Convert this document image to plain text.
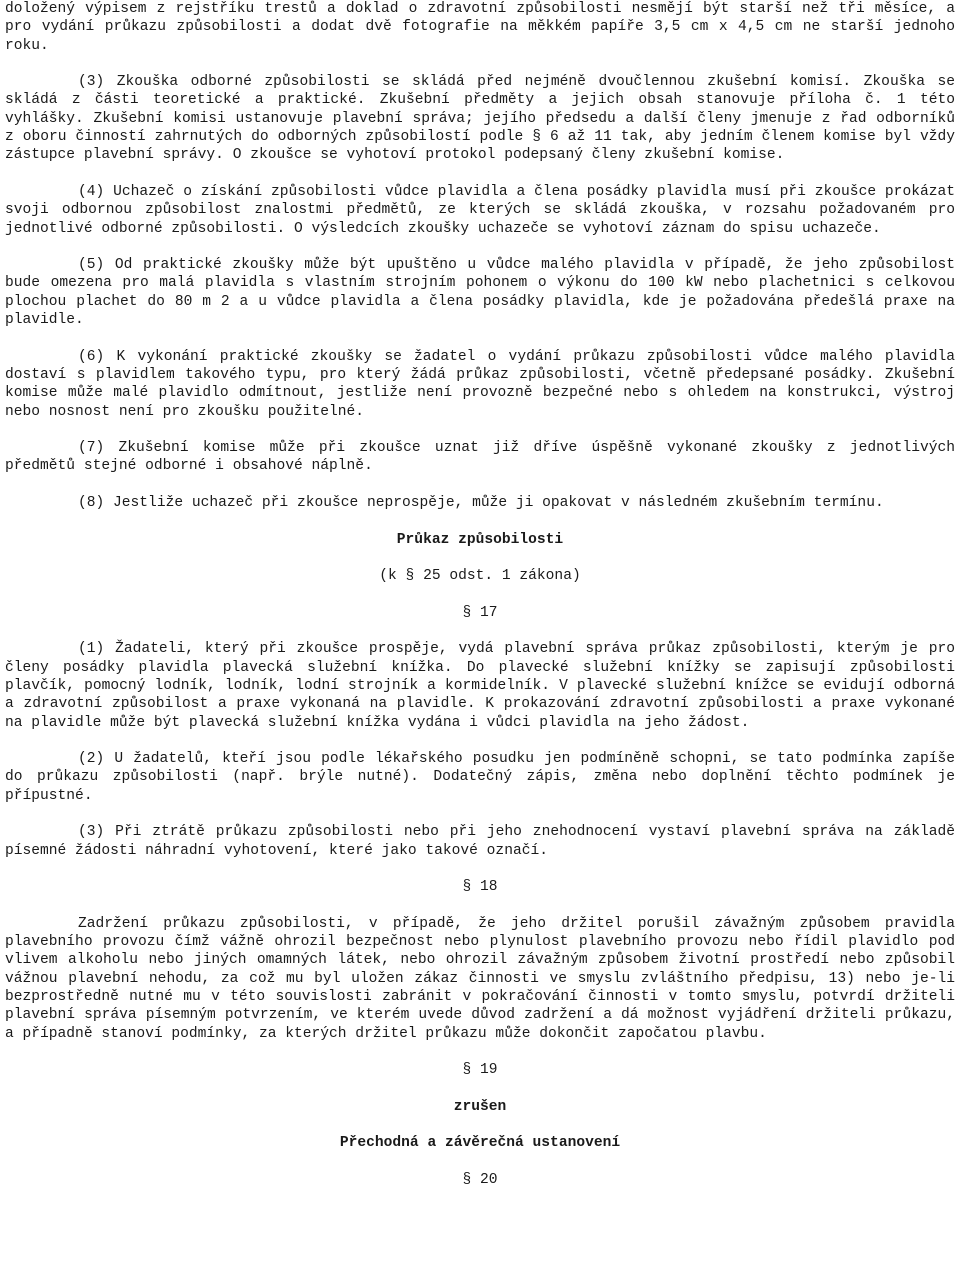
doložený výpisem z rejstříku trestů a doklad o zdravotní způsobilosti nesmějí být starší než tři měsíce, a pro vydání průkazu způsobilosti a dodat dvě fotografie na měkkém papíře 3,5 cm x 4,5 cm ne starší jednoho roku.

(3) Zkouška odborné způsobilosti se skládá před nejméně dvoučlennou zkušební komisí. Zkouška se skládá z části teoretické a praktické. Zkušební předměty a jejich obsah stanovuje příloha č. 1 této vyhlášky. Zkušební komisi ustanovuje plavební správa; jejího předsedu a další členy jmenuje z řad odborníků z oboru činností zahrnutých do odborných způsobilostí podle § 6 až 11 tak, aby jedním členem komise byl vždy zástupce plavební správy. O zkoušce se vyhotoví protokol podepsaný členy zkušební komise.

(4) Uchazeč o získání způsobilosti vůdce plavidla a člena posádky plavidla musí při zkoušce prokázat svoji odbornou způsobilost znalostmi předmětů, ze kterých se skládá zkouška, v rozsahu požadovaném pro jednotlivé odborné způsobilosti. O výsledcích zkoušky uchazeče se vyhotoví záznam do spisu uchazeče.

(5) Od praktické zkoušky může být upuštěno u vůdce malého plavidla v případě, že jeho způsobilost bude omezena pro malá plavidla s vlastním strojním pohonem o výkonu do 100 kW nebo plachetnici s celkovou plochou plachet do 80 m 2 a u vůdce plavidla a člena posádky plavidla, kde je požadována předešlá praxe na plavidle.

(6) K vykonání praktické zkoušky se žadatel o vydání průkazu způsobilosti vůdce malého plavidla dostaví s plavidlem takového typu, pro který žádá průkaz způsobilosti, včetně předepsané posádky. Zkušební komise může malé plavidlo odmítnout, jestliže není provozně bezpečné nebo s ohledem na konstrukci, výstroj nebo nosnost není pro zkoušku použitelné.

(7) Zkušební komise může při zkoušce uznat již dříve úspěšně vykonané zkoušky z jednotlivých předmětů stejné odborné i obsahové náplně.

(8) Jestliže uchazeč při zkoušce neprospěje, může ji opakovat v následném zkušebním termínu.

Průkaz způsobilosti

(k § 25 odst. 1 zákona)

§ 17

(1) Žadateli, který při zkoušce prospěje, vydá plavební správa průkaz způsobilosti, kterým je pro členy posádky plavidla plavecká služební knížka. Do plavecké služební knížky se zapisují způsobilosti plavčík, pomocný lodník, lodník, lodní strojník a kormidelník. V plavecké služební knížce se evidují odborná a zdravotní způsobilost a praxe vykonaná na plavidle. K prokazování zdravotní způsobilosti a praxe vykonané na plavidle může být plavecká služební knížka vydána i vůdci plavidla na jeho žádost.

(2) U žadatelů, kteří jsou podle lékařského posudku jen podmíněně schopni, se tato podmínka zapíše do průkazu způsobilosti (např. brýle nutné). Dodatečný zápis, změna nebo doplnění těchto podmínek je přípustné.

(3) Při ztrátě průkazu způsobilosti nebo při jeho znehodnocení vystaví plavební správa na základě písemné žádosti náhradní vyhotovení, které jako takové označí.

§ 18

Zadržení průkazu způsobilosti, v případě, že jeho držitel porušil závažným způsobem pravidla plavebního provozu čímž vážně ohrozil bezpečnost nebo plynulost plavebního provozu nebo řídil plavidlo pod vlivem alkoholu nebo jiných omamných látek, nebo ohrozil závažným způsobem životní prostředí nebo způsobil vážnou plavební nehodu, za což mu byl uložen zákaz činnosti ve smyslu zvláštního předpisu, 13) nebo je-li bezprostředně nutné mu v této souvislosti zabránit v pokračování činnosti v tomto smyslu, potvrdí držiteli plavební správa písemným potvrzením, ve kterém uvede důvod zadržení a dá možnost vyjádření držiteli průkazu, a případně stanoví podmínky, za kterých držitel průkazu může dokončit započatou plavbu.

§ 19

zrušen

Přechodná a závěrečná ustanovení

§ 20
